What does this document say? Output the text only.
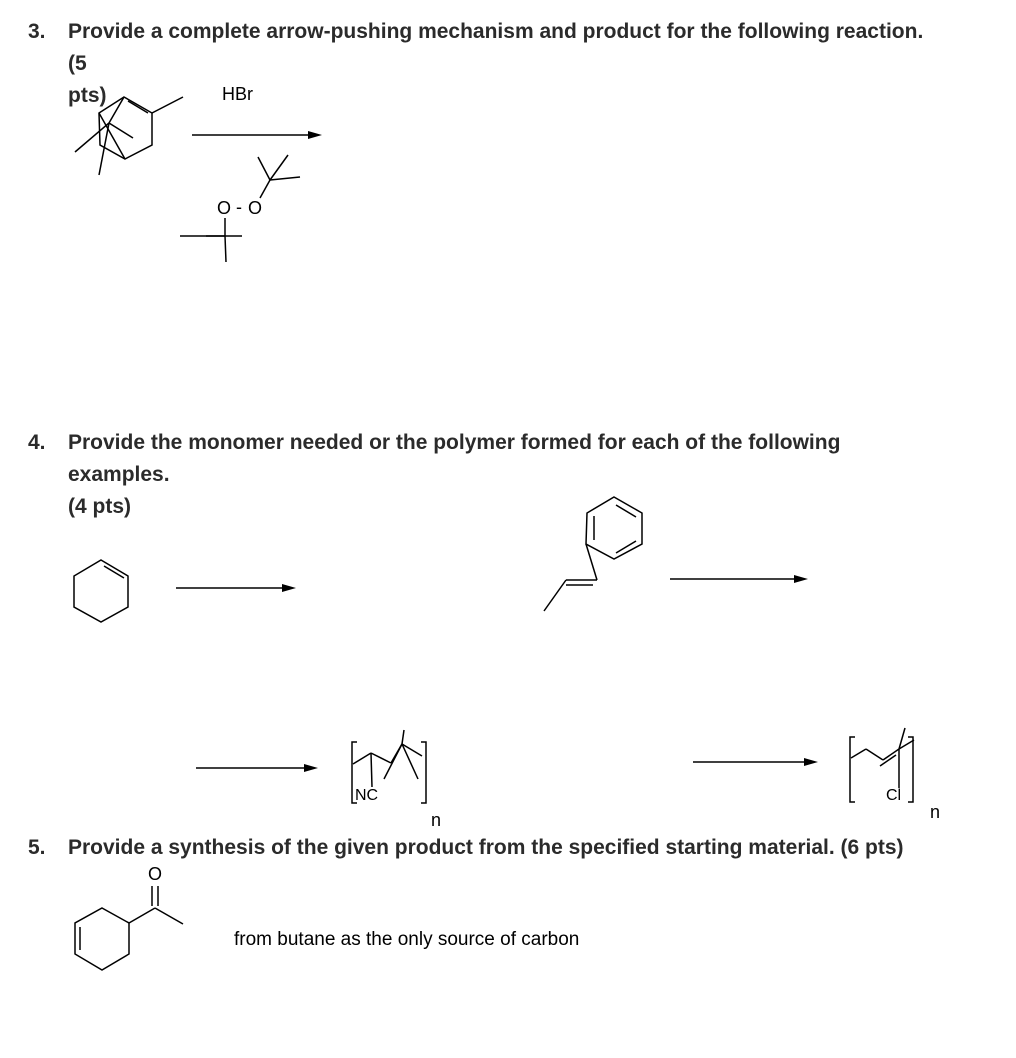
3. Provide a complete arrow-pushing mechanism and product for the following reaction.
(5 pts)
4. Provide the monomer needed or the polymer formed for each of the following
examples. (4 pts)
5. Provide a synthesis of the given product from the specified starting material. (6 pts)
HBr
O - O
NC
n
Cl
n
O
from butane as the only source of carbon
